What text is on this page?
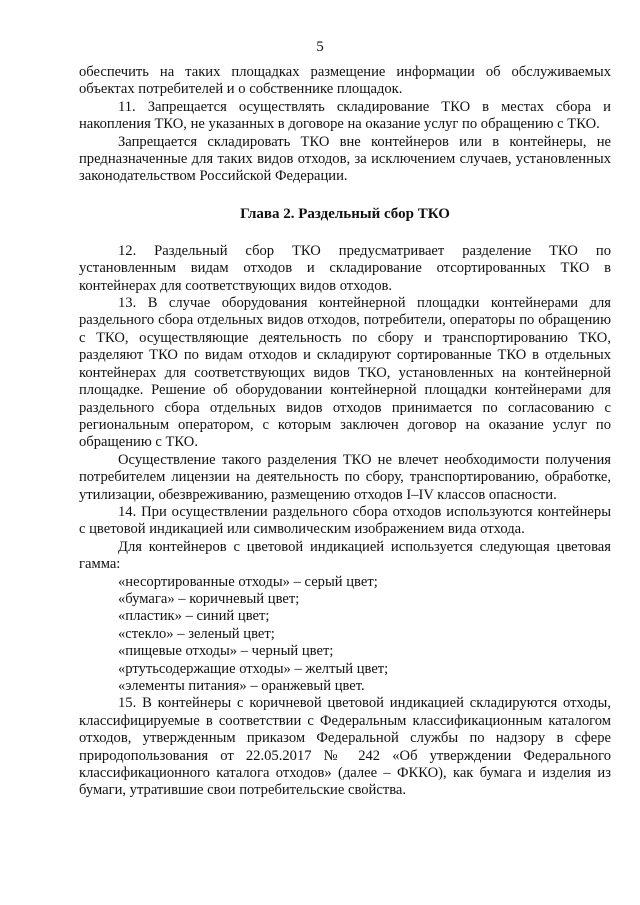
5

обеспечить на таких площадках размещение информации об обслуживаемых объектах потребителей и о собственнике площадок.

11. Запрещается осуществлять складирование ТКО в местах сбора и накопления ТКО, не указанных в договоре на оказание услуг по обращению с ТКО.

Запрещается складировать ТКО вне контейнеров или в контейнеры, не предназначенные для таких видов отходов, за исключением случаев, установленных законодательством Российской Федерации.

Глава 2. Раздельный сбор ТКО

12. Раздельный сбор ТКО предусматривает разделение ТКО по установленным видам отходов и складирование отсортированных ТКО в контейнерах для соответствующих видов отходов.

13. В случае оборудования контейнерной площадки контейнерами для раздельного сбора отдельных видов отходов, потребители, операторы по обращению с ТКО, осуществляющие деятельность по сбору и транспортированию ТКО, разделяют ТКО по видам отходов и складируют сортированные ТКО в отдельных контейнерах для соответствующих видов ТКО, установленных на контейнерной площадке. Решение об оборудовании контейнерной площадки контейнерами для раздельного сбора отдельных видов отходов принимается по согласованию с региональным оператором, с которым заключен договор на оказание услуг по обращению с ТКО.

Осуществление такого разделения ТКО не влечет необходимости получения потребителем лицензии на деятельность по сбору, транспортированию, обработке, утилизации, обезвреживанию, размещению отходов I–IV классов опасности.

14. При осуществлении раздельного сбора отходов используются контейнеры с цветовой индикацией или символическим изображением вида отхода.

Для контейнеров с цветовой индикацией используется следующая цветовая гамма:

«несортированные отходы» – серый цвет;

«бумага» – коричневый цвет;

«пластик» – синий цвет;

«стекло» – зеленый цвет;

«пищевые отходы» – черный цвет;

«ртутьсодержащие отходы» – желтый цвет;

«элементы питания» – оранжевый цвет.

15. В контейнеры с коричневой цветовой индикацией складируются отходы, классифицируемые в соответствии с Федеральным классификационным каталогом отходов, утвержденным приказом Федеральной службы по надзору в сфере природопользования от 22.05.2017 № 242 «Об утверждении Федерального классификационного каталога отходов» (далее – ФККО), как бумага и изделия из бумаги, утратившие свои потребительские свойства.
